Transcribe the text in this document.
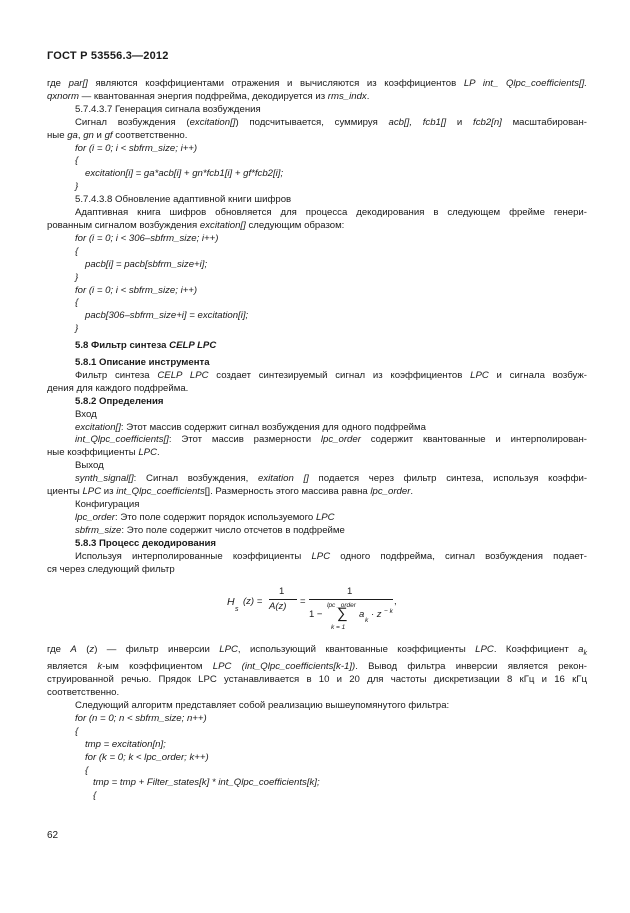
ГОСТ Р 53556.3—2012
где par[] являются коэффициентами отражения и вычисляются из коэффициентов LP int_ Qlpc_coefficients[].
qxnorm — квантованная энергия подфрейма, декодируется из rms_indx.
5.7.4.3.7 Генерация сигнала возбуждения
Сигнал возбуждения (excitation[]) подсчитывается, суммируя acb[], fcb1[] и fcb2[n] масштабирован-
ные ga, gn и gf соответственно.
for (i = 0; i < sbfrm_size; i++)
{
excitation[i] = ga*acb[i] + gn*fcb1[i] + gf*fcb2[i];
}
5.7.4.3.8 Обновление адаптивной книги шифров
Адаптивная книга шифров обновляется для процесса декодирования в следующем фрейме генери-
рованным сигналом возбуждения excitation[] следующим образом:
for (i = 0; i < 306–sbfrm_size; i++)
{
pacb[i] = pacb[sbfrm_size+i];
}
for (i = 0; i < sbfrm_size; i++)
{
pacb[306–sbfrm_size+i] = excitation[i];
}
5.8 Фильтр синтеза CELP LPC
5.8.1 Описание инструмента
Фильтр синтеза CELP LPC создает синтезируемый сигнал из коэффициентов LPC и сигнала возбуж-
дения для каждого подфрейма.
5.8.2 Определения
Вход
excitation[]: Этот массив содержит сигнал возбуждения для одного подфрейма
int_Qlpc_coefficients[]: Этот массив размерности lpc_order содержит квантованные и интерполирован-
ные коэффициенты LPC.
Выход
synth_signal[]: Сигнал возбуждения, exitation [] подается через фильтр синтеза, используя коэффи-
циенты LPC из int_Qlpc_coefficients[]. Размерность этого массива равна lpc_order.
Конфигурация
lpc_order: Это поле содержит порядок используемого LPC
sbfrm_size: Это поле содержит число отсчетов в подфрейме
5.8.3 Процесс декодирования
Используя интерполированные коэффициенты LPC одного подфрейма, сигнал возбуждения подает-
ся через следующий фильтр
H
s
(z) =
1
A(z) =
1
lpc _order
1 − ∑ a
k
· z − k
k = 1
,
где A (z) — фильтр инверсии LPC, использующий квантованные коэффициенты LPC. Коэффициент $a_k$
является k-ым коэффициентом LPC (int_Qlpc_coefficients[k-1]). Вывод фильтра инверсии является рекон-
струированной речью. Прядок LPC устанавливается в 10 и 20 для частоты дискретизации 8 кГц и 16 кГц
соответственно.
Следующий алгоритм представляет собой реализацию вышеупомянутого фильтра:
for (n = 0; n < sbfrm_size; n++)
{
tmp = excitation[n];
for (k = 0; k < lpc_order; k++)
{
tmp = tmp + Filter_states[k] * int_Qlpc_coefficients[k];
{
62
